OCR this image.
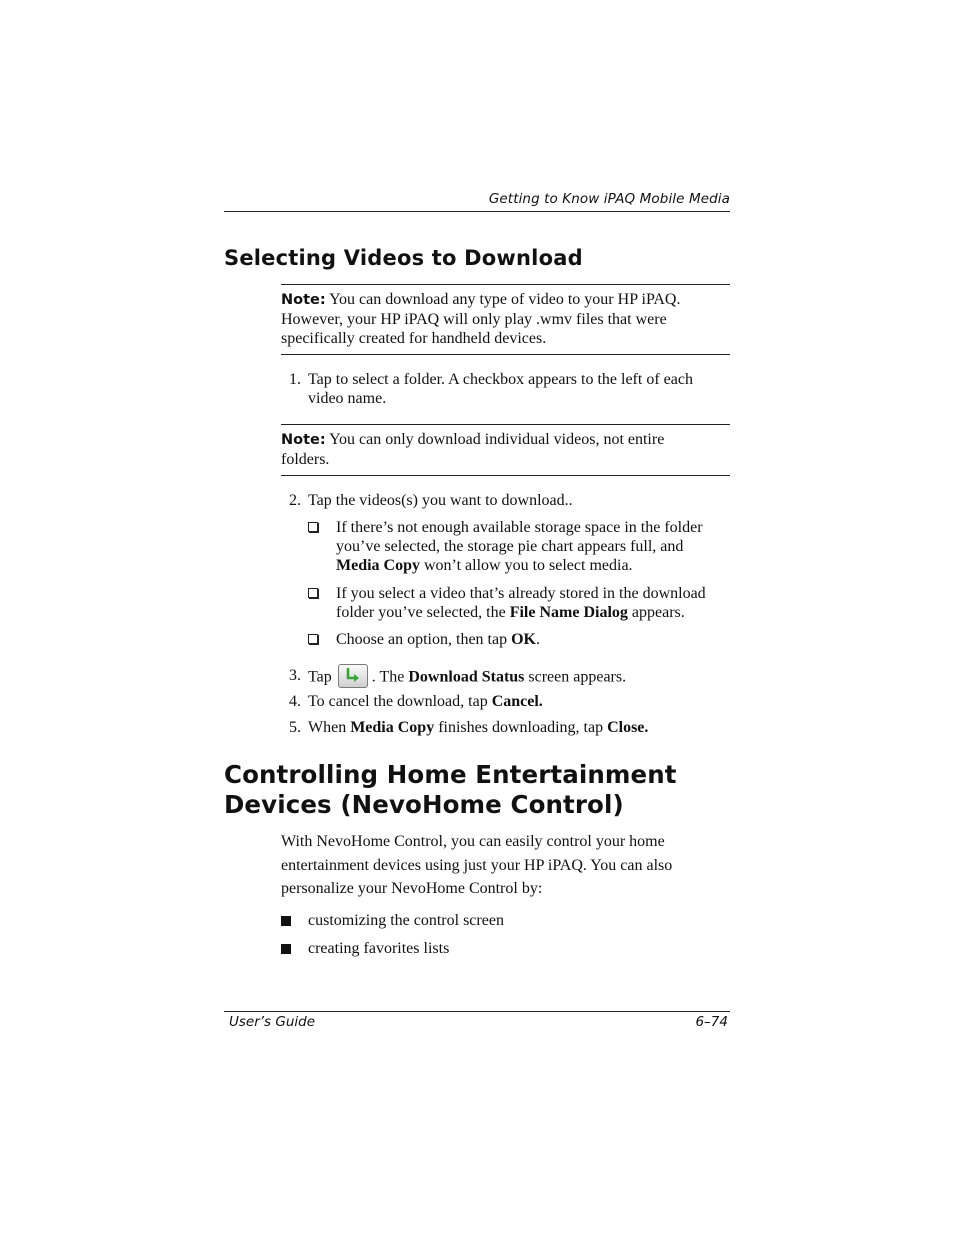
Getting to Know iPAQ Mobile Media
Selecting Videos to Download
Note: You can download any type of video to your HP iPAQ.
However, your HP iPAQ will only play .wmv files that were
specifically created for handheld devices.
1. Tap to select a folder. A checkbox appears to the left of each
video name.
Note: You can only download individual videos, not entire
folders.
2. Tap the videos(s) you want to download..
If there’s not enough available storage space in the folder
you’ve selected, the storage pie chart appears full, and
Media Copy won’t allow you to select media.
If you select a video that’s already stored in the download
folder you’ve selected, the File Name Dialog appears.
Choose an option, then tap OK.
3. Tap	. The Download Status screen appears.
4. To cancel the download, tap Cancel.
5. When Media Copy finishes downloading, tap Close.
Controlling Home Entertainment
Devices (NevoHome Control)
With NevoHome Control, you can easily control your home
entertainment devices using just your HP iPAQ. You can also
personalize your NevoHome Control by:
customizing the control screen
creating favorites lists
User’s Guide	6–74
